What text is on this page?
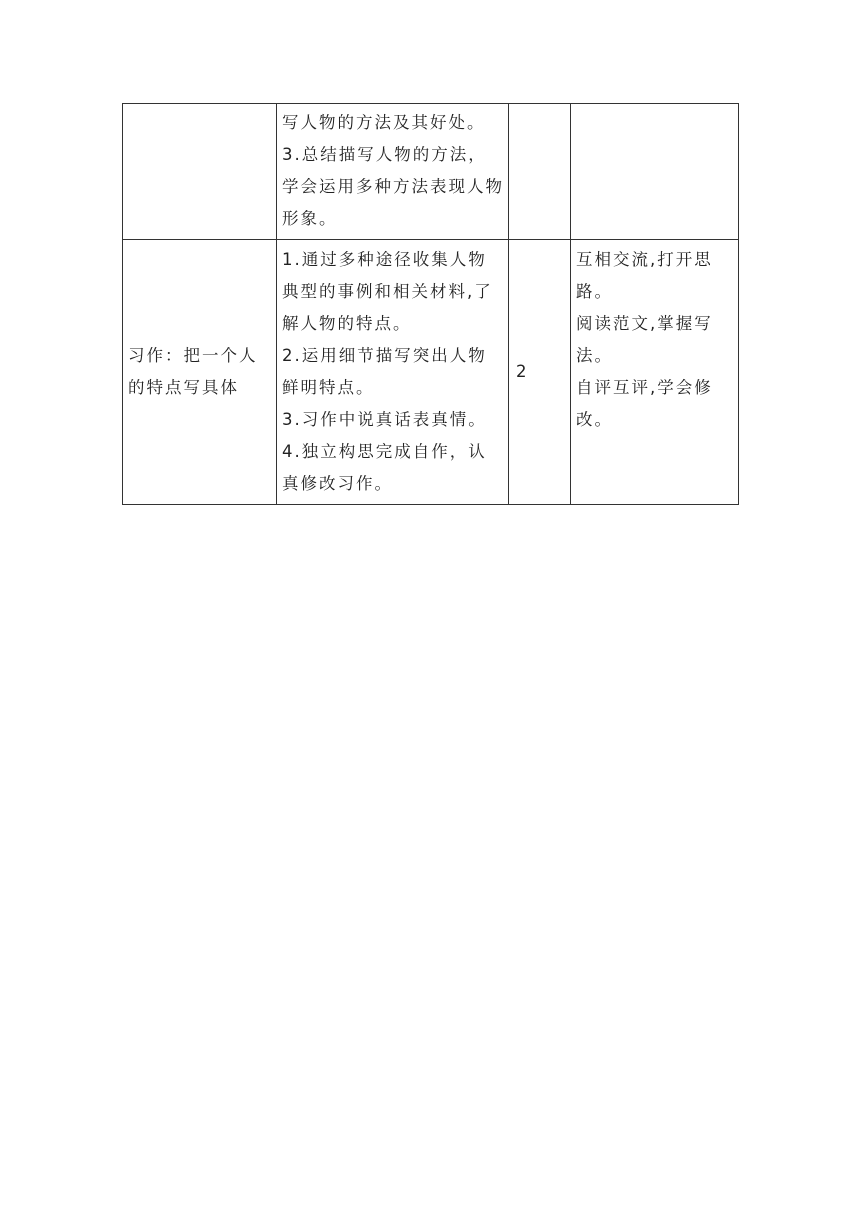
	写人物的方法及其好处。
3.总结描写人物的方法，学会运用多种方法表现人物形象。		

习作：把一个人的特点写具体	1.通过多种途径收集人物典型的事例和相关材料,了解人物的特点。
2.运用细节描写突出人物鲜明特点。
3.习作中说真话表真情。
4.独立构思完成自作，认真修改习作。	2	互相交流,打开思路。
阅读范文,掌握写法。
自评互评,学会修改。
